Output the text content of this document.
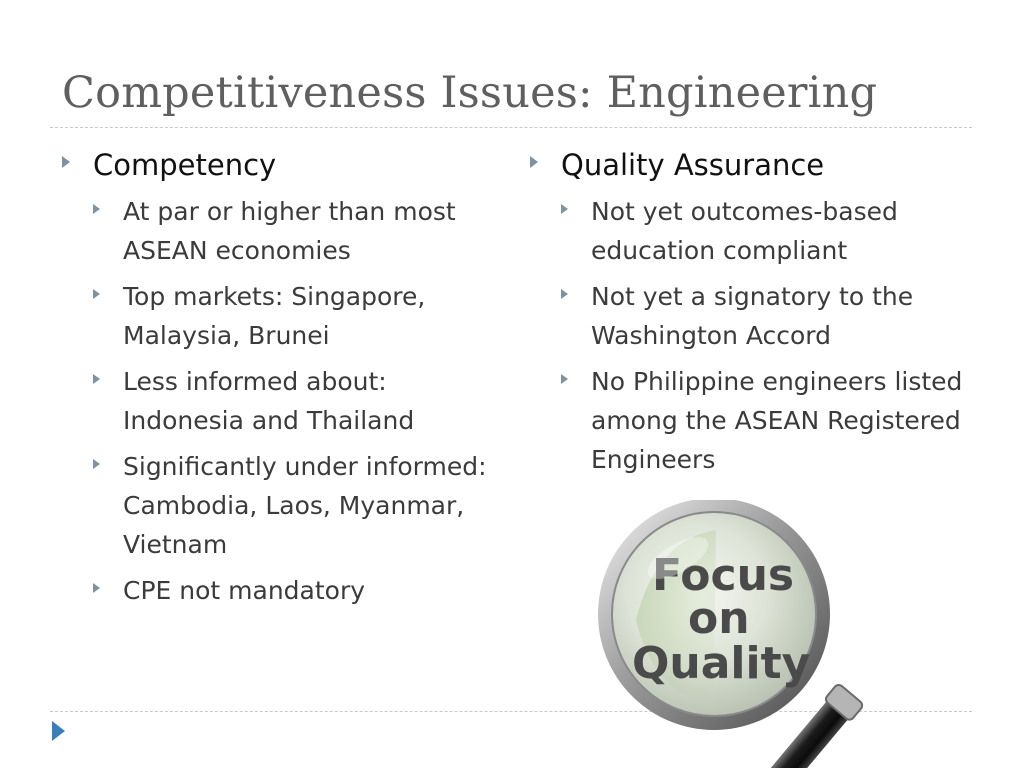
Competitiveness Issues: Engineering
Competency
At par or higher than most ASEAN economies
Top markets: Singapore, Malaysia, Brunei
Less informed about: Indonesia and Thailand
Significantly under informed: Cambodia, Laos, Myanmar, Vietnam
CPE not mandatory
Quality Assurance
Not yet outcomes-based education compliant
Not yet a signatory to the Washington Accord
No Philippine engineers listed among the ASEAN Registered Engineers
Focus
on
Quality
